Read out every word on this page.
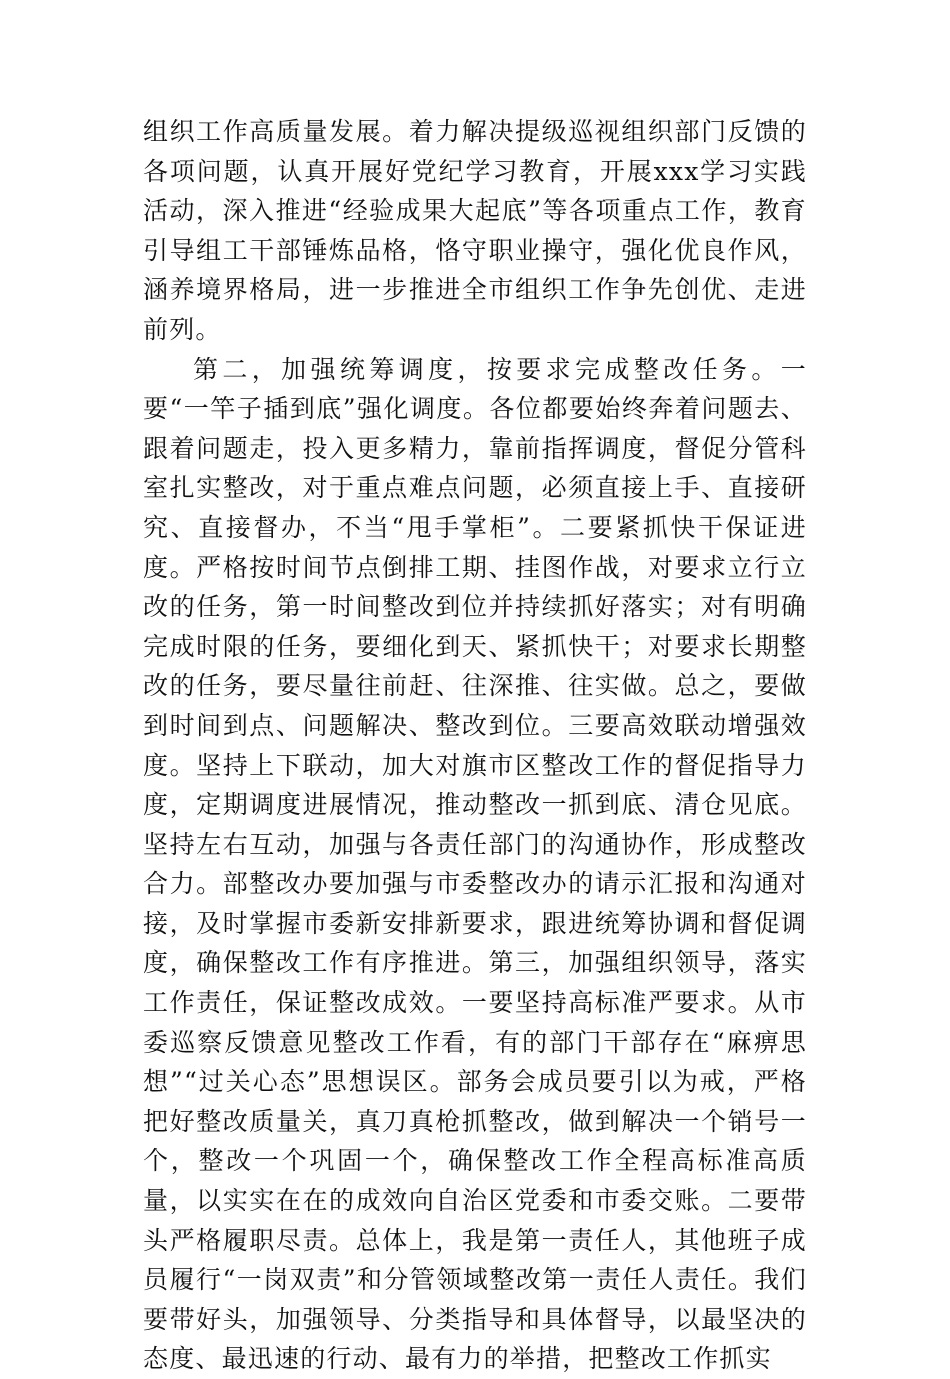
组织工作高质量发展。着力解决提级巡视组织部门反馈的各项问题，认真开展好党纪学习教育，开展xxx学习实践活动，深入推进“经验成果大起底”等各项重点工作，教育引导组工干部锤炼品格，恪守职业操守，强化优良作风，涵养境界格局，进一步推进全市组织工作争先创优、走进前列。

第二，加强统筹调度，按要求完成整改任务。一要“一竿子插到底”强化调度。各位都要始终奔着问题去、跟着问题走，投入更多精力，靠前指挥调度，督促分管科室扎实整改，对于重点难点问题，必须直接上手、直接研究、直接督办，不当“甩手掌柜”。二要紧抓快干保证进度。严格按时间节点倒排工期、挂图作战，对要求立行立改的任务，第一时间整改到位并持续抓好落实；对有明确完成时限的任务，要细化到天、紧抓快干；对要求长期整改的任务，要尽量往前赶、往深推、往实做。总之，要做到时间到点、问题解决、整改到位。三要高效联动增强效度。坚持上下联动，加大对旗市区整改工作的督促指导力度，定期调度进展情况，推动整改一抓到底、清仓见底。坚持左右互动，加强与各责任部门的沟通协作，形成整改合力。部整改办要加强与市委整改办的请示汇报和沟通对接，及时掌握市委新安排新要求，跟进统筹协调和督促调度，确保整改工作有序推进。第三，加强组织领导，落实工作责任，保证整改成效。一要坚持高标准严要求。从市委巡察反馈意见整改工作看，有的部门干部存在“麻痹思想”“过关心态”思想误区。部务会成员要引以为戒，严格把好整改质量关，真刀真枪抓整改，做到解决一个销号一个，整改一个巩固一个，确保整改工作全程高标准高质量，以实实在在的成效向自治区党委和市委交账。二要带头严格履职尽责。总体上，我是第一责任人，其他班子成员履行“一岗双责”和分管领域整改第一责任人责任。我们要带好头，加强领导、分类指导和具体督导，以最坚决的态度、最迅速的行动、最有力的举措，把整改工作抓实
